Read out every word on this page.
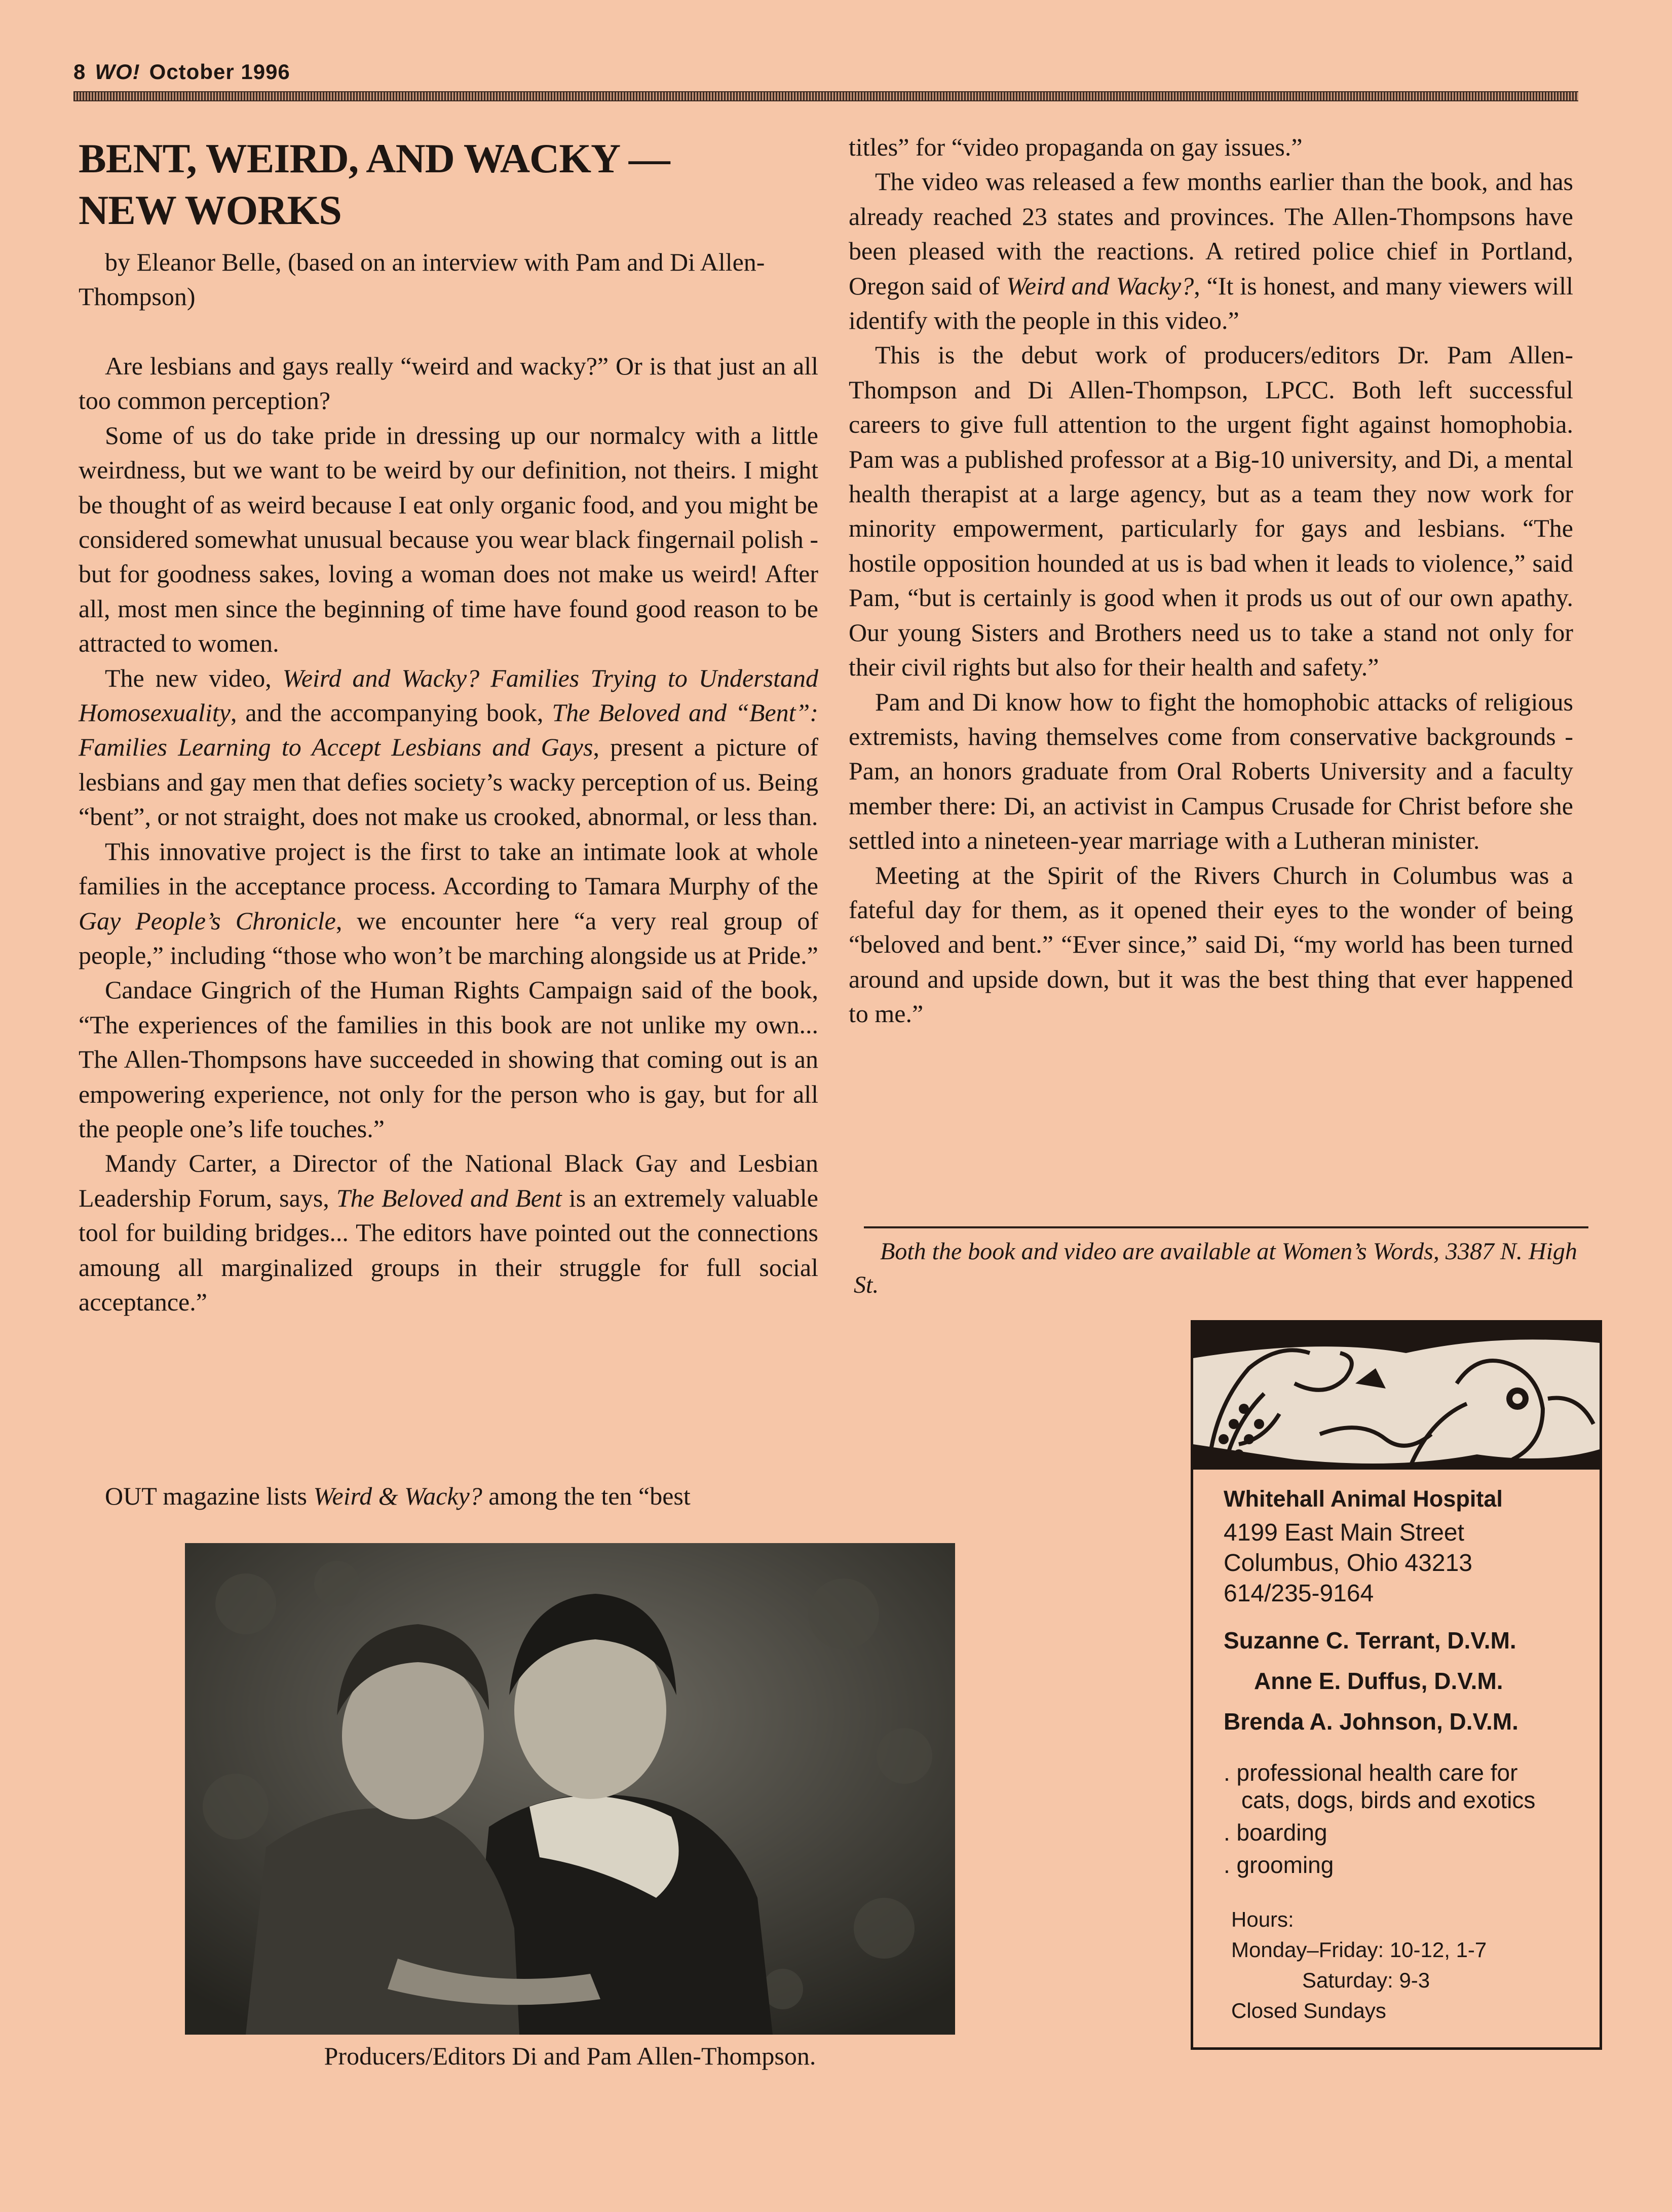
8 WO! October 1996
BENT, WEIRD, AND WACKY —
NEW WORKS
by Eleanor Belle, (based on an interview with Pam and Di Allen-Thompson)

Are lesbians and gays really “weird and wacky?” Or is that just an all too common perception?

Some of us do take pride in dressing up our normalcy with a little weirdness, but we want to be weird by our definition, not theirs. I might be thought of as weird because I eat only organic food, and you might be considered somewhat unusual because you wear black fingernail polish - but for goodness sakes, loving a woman does not make us weird! After all, most men since the beginning of time have found good reason to be attracted to women.

The new video, Weird and Wacky? Families Trying to Understand Homosexuality, and the accompanying book, The Beloved and “Bent”: Families Learning to Accept Lesbians and Gays, present a picture of lesbians and gay men that defies society’s wacky perception of us. Being “bent”, or not straight, does not make us crooked, abnormal, or less than.

This innovative project is the first to take an intimate look at whole families in the acceptance process. According to Tamara Murphy of the Gay People’s Chronicle, we encounter here “a very real group of people,” including “those who won’t be marching alongside us at Pride.”

Candace Gingrich of the Human Rights Campaign said of the book, “The experiences of the families in this book are not unlike my own... The Allen-Thompsons have succeeded in showing that coming out is an empowering experience, not only for the person who is gay, but for all the people one’s life touches.”

Mandy Carter, a Director of the National Black Gay and Lesbian Leadership Forum, says, The Beloved and Bent is an extremely valuable tool for building bridges... The editors have pointed out the connections amoung all marginalized groups in their struggle for full social acceptance.”

OUT magazine lists Weird & Wacky? among the ten “best

titles” for “video propaganda on gay issues.”

The video was released a few months earlier than the book, and has already reached 23 states and provinces. The Allen-Thompsons have been pleased with the reactions. A retired police chief in Portland, Oregon said of Weird and Wacky?, “It is honest, and many viewers will identify with the people in this video.”

This is the debut work of producers/editors Dr. Pam Allen-Thompson and Di Allen-Thompson, LPCC. Both left successful careers to give full attention to the urgent fight against homophobia. Pam was a published professor at a Big-10 university, and Di, a mental health therapist at a large agency, but as a team they now work for minority empowerment, particularly for gays and lesbians. “The hostile opposition hounded at us is bad when it leads to violence,” said Pam, “but is certainly is good when it prods us out of our own apathy. Our young Sisters and Brothers need us to take a stand not only for their civil rights but also for their health and safety.”

Pam and Di know how to fight the homophobic attacks of religious extremists, having themselves come from conservative backgrounds - Pam, an honors graduate from Oral Roberts University and a faculty member there: Di, an activist in Campus Crusade for Christ before she settled into a nineteen-year marriage with a Lutheran minister.

Meeting at the Spirit of the Rivers Church in Columbus was a fateful day for them, as it opened their eyes to the wonder of being “beloved and bent.” “Ever since,” said Di, “my world has been turned around and upside down, but it was the best thing that ever happened to me.”

Both the book and video are available at Women’s Words, 3387 N. High St.
Producers/Editors Di and Pam Allen-Thompson.
Whitehall Animal Hospital
4199 East Main Street
Columbus, Ohio 43213
614/235-9164
Suzanne C. Terrant, D.V.M.
Anne E. Duffus, D.V.M.
Brenda A. Johnson, D.V.M.
. professional health care for
cats, dogs, birds and exotics
. boarding
. grooming
Hours:
Monday–Friday: 10-12, 1-7
Saturday: 9-3
Closed Sundays
